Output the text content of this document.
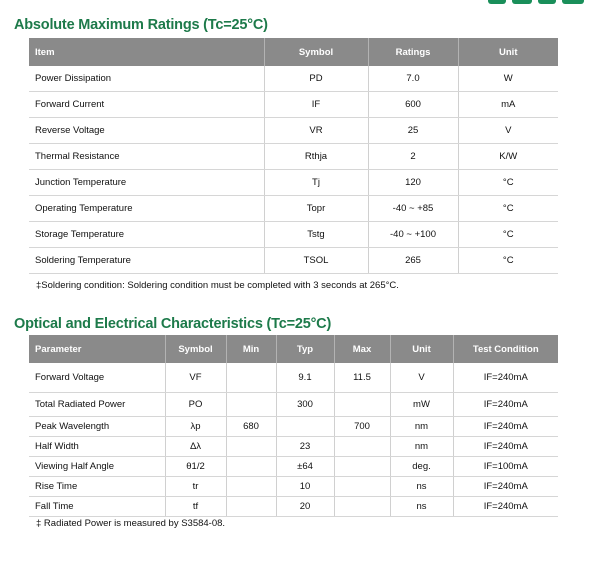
Absolute Maximum Ratings (Tc=25°C)
Item	Symbol	Ratings	Unit
Power Dissipation	PD	7.0	W
Forward Current	IF	600	mA
Reverse Voltage	VR	25	V
Thermal Resistance	Rthja	2	K/W
Junction Temperature	Tj	120	°C
Operating Temperature	Topr	-40 ~ +85	°C
Storage Temperature	Tstg	-40 ~ +100	°C
Soldering Temperature	TSOL	265	°C
‡Soldering condition: Soldering condition must be completed with 3 seconds at 265°C.
Optical and Electrical Characteristics (Tc=25°C)
Parameter	Symbol	Min	Typ	Max	Unit	Test Condition
Forward Voltage	VF		9.1	11.5	V	IF=240mA
Total Radiated Power	PO		300		mW	IF=240mA
Peak Wavelength	λp	680		700	nm	IF=240mA
Half Width	Δλ		23		nm	IF=240mA
Viewing Half Angle	θ1/2		±64		deg.	IF=100mA
Rise Time	tr		10		ns	IF=240mA
Fall Time	tf		20		ns	IF=240mA
‡ Radiated Power is measured by S3584-08.
